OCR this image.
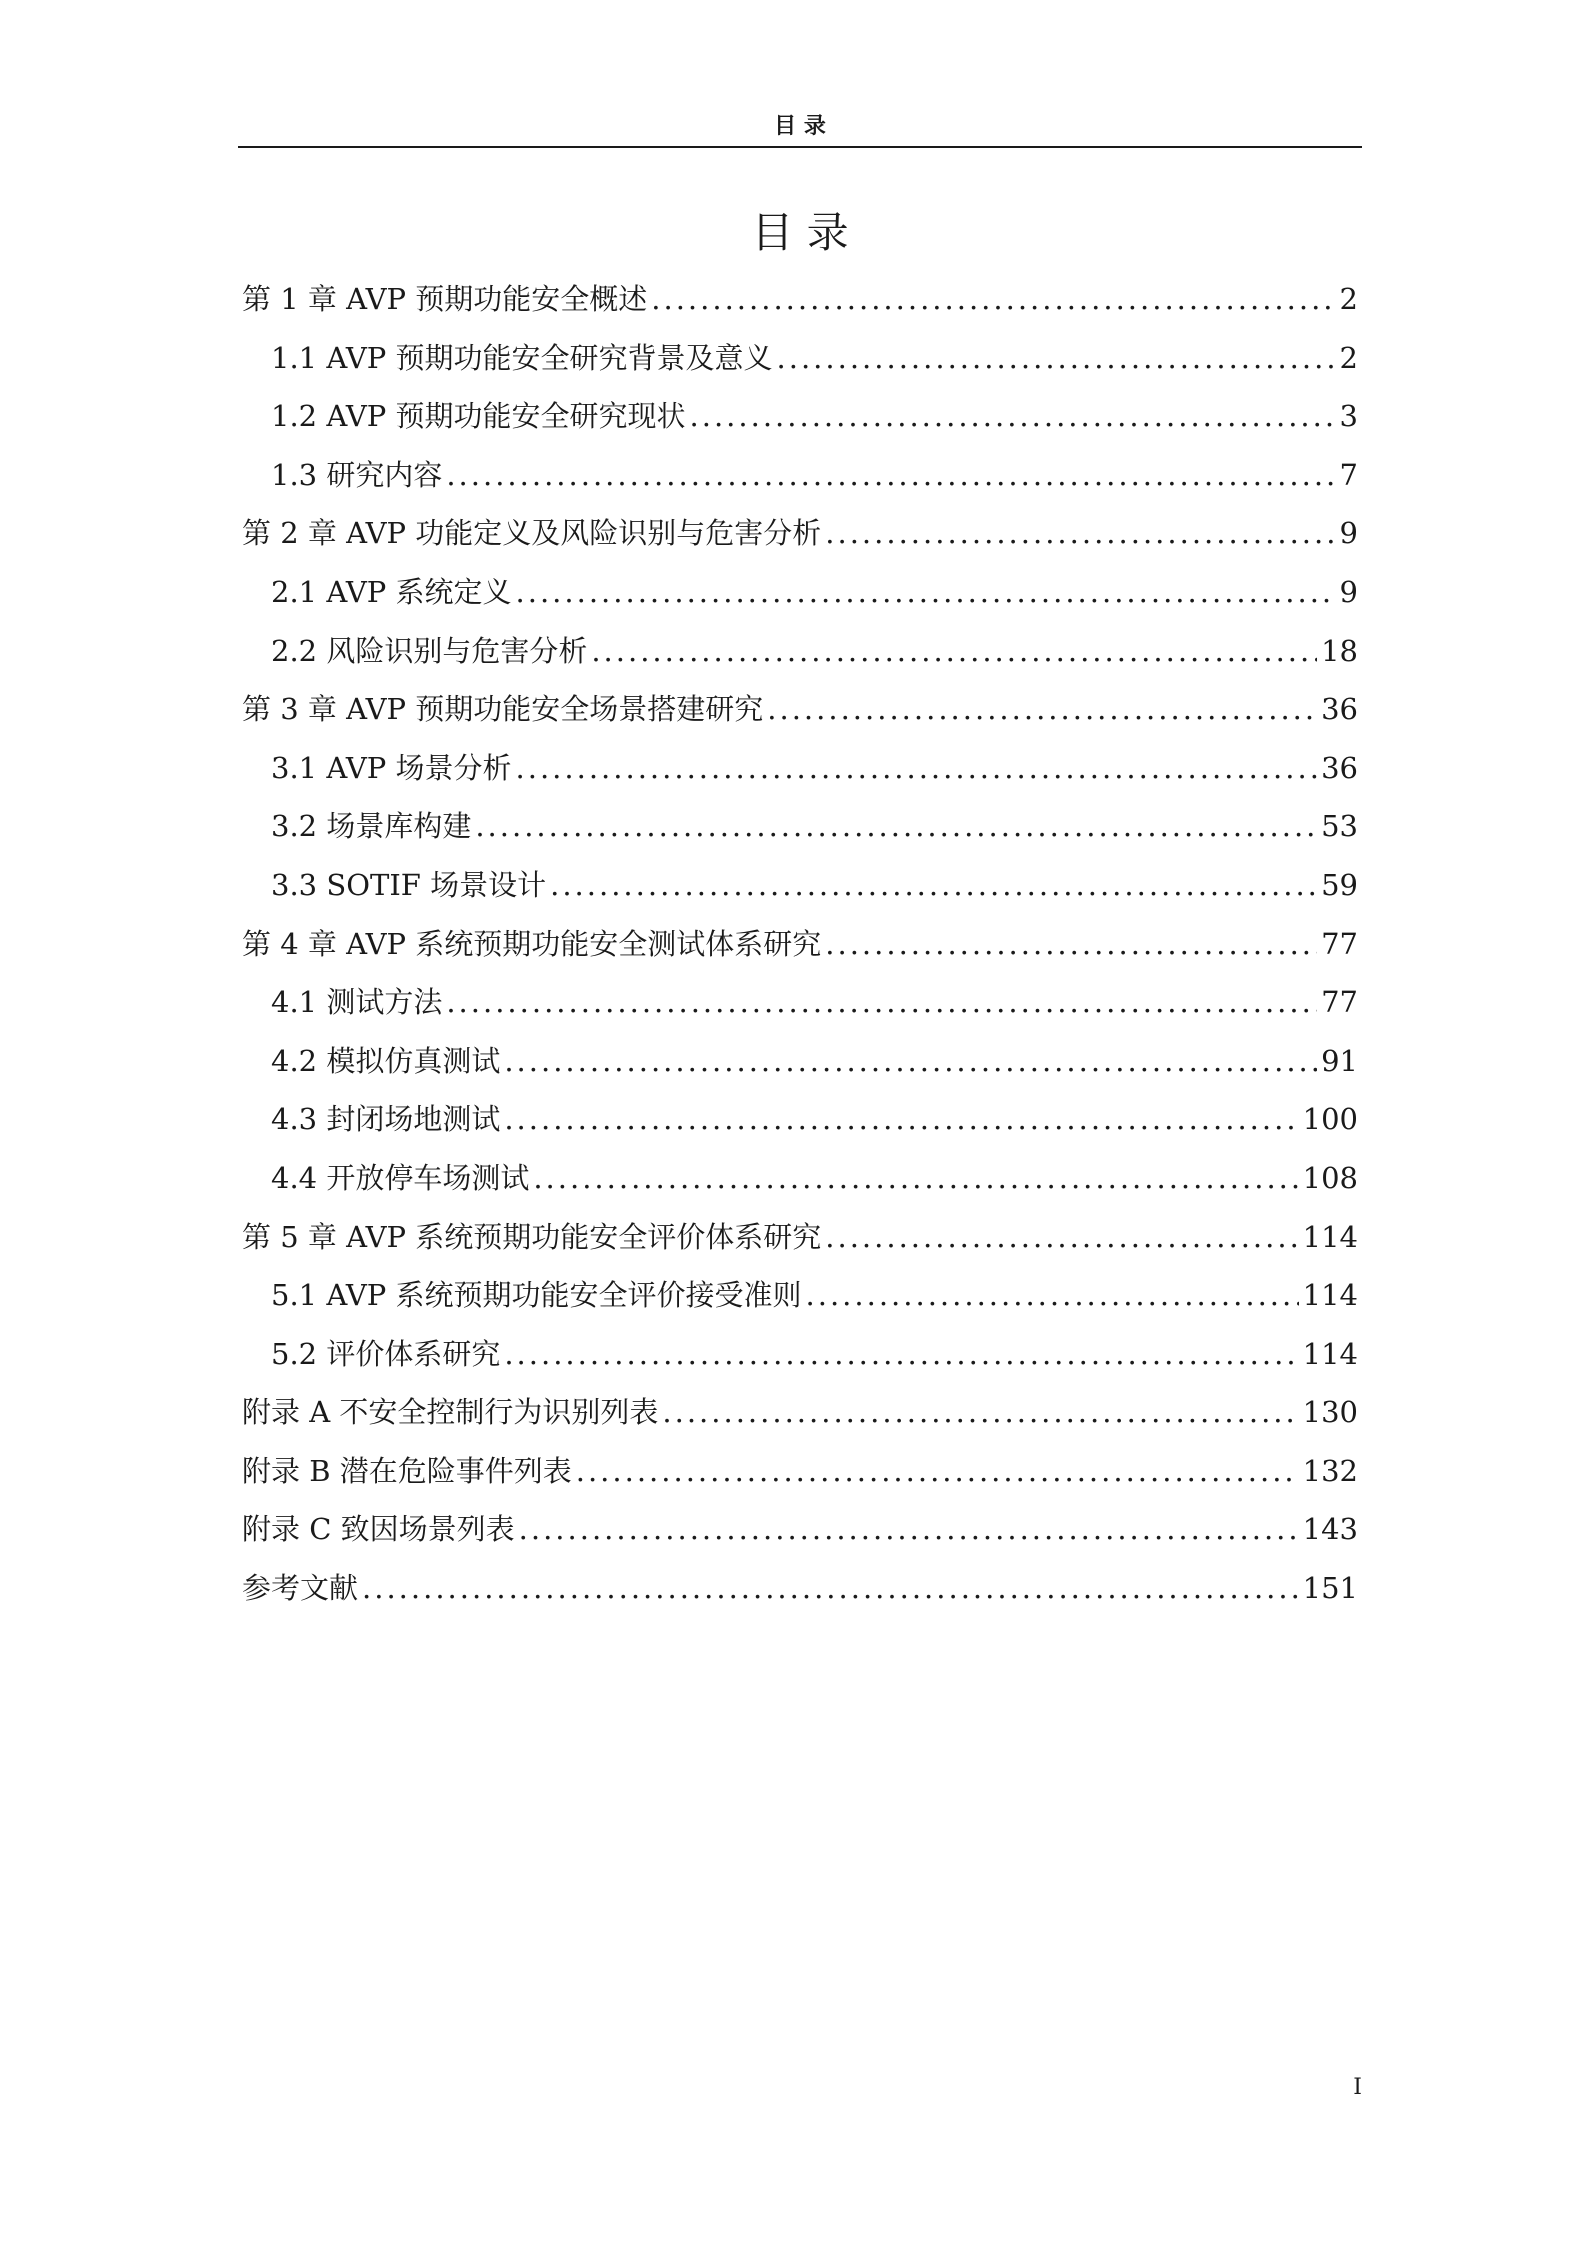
目 录
目 录
第 1 章 AVP 预期功能安全概述 .....	2
1.1 AVP 预期功能安全研究背景及意义 .....	2
1.2 AVP 预期功能安全研究现状 .....	3
1.3 研究内容 .....	7
第 2 章 AVP 功能定义及风险识别与危害分析 .....	9
2.1 AVP 系统定义 .....	9
2.2 风险识别与危害分析 .....	18
第 3 章 AVP 预期功能安全场景搭建研究 .....	36
3.1 AVP 场景分析 .....	36
3.2 场景库构建 .....	53
3.3 SOTIF 场景设计 .....	59
第 4 章 AVP 系统预期功能安全测试体系研究 .....	77
4.1 测试方法 .....	77
4.2 模拟仿真测试 .....	91
4.3 封闭场地测试 .....	100
4.4 开放停车场测试 .....	108
第 5 章 AVP 系统预期功能安全评价体系研究 .....	114
5.1 AVP 系统预期功能安全评价接受准则 .....	114
5.2 评价体系研究 .....	114
附录 A 不安全控制行为识别列表 .....	130
附录 B 潜在危险事件列表 .....	132
附录 C 致因场景列表 .....	143
参考文献 .....	151
I
